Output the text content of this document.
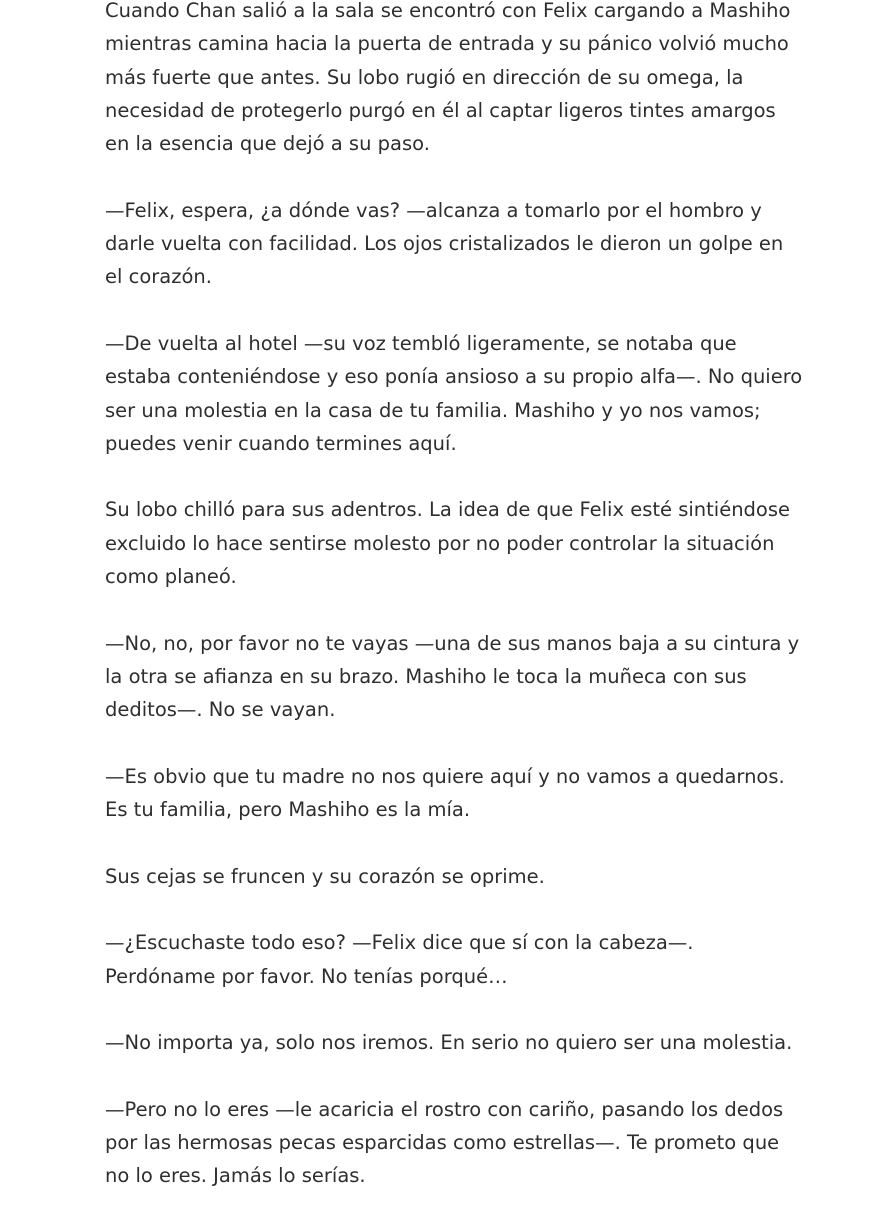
Cuando Chan salió a la sala se encontró con Felix cargando a Mashiho mientras camina hacia la puerta de entrada y su pánico volvió mucho más fuerte que antes. Su lobo rugió en dirección de su omega, la necesidad de protegerlo purgó en él al captar ligeros tintes amargos en la esencia que dejó a su paso.

—Felix, espera, ¿a dónde vas? —alcanza a tomarlo por el hombro y darle vuelta con facilidad. Los ojos cristalizados le dieron un golpe en el corazón.

—De vuelta al hotel —su voz tembló ligeramente, se notaba que estaba conteniéndose y eso ponía ansioso a su propio alfa—. No quiero ser una molestia en la casa de tu familia. Mashiho y yo nos vamos; puedes venir cuando termines aquí.

Su lobo chilló para sus adentros. La idea de que Felix esté sintiéndose excluido lo hace sentirse molesto por no poder controlar la situación como planeó.

—No, no, por favor no te vayas —una de sus manos baja a su cintura y la otra se afianza en su brazo. Mashiho le toca la muñeca con sus deditos—. No se vayan.

—Es obvio que tu madre no nos quiere aquí y no vamos a quedarnos. Es tu familia, pero Mashiho es la mía.

Sus cejas se fruncen y su corazón se oprime.

—¿Escuchaste todo eso? —Felix dice que sí con la cabeza—. Perdóname por favor. No tenías porqué…

—No importa ya, solo nos iremos. En serio no quiero ser una molestia.

—Pero no lo eres —le acaricia el rostro con cariño, pasando los dedos por las hermosas pecas esparcidas como estrellas—. Te prometo que no lo eres. Jamás lo serías.
